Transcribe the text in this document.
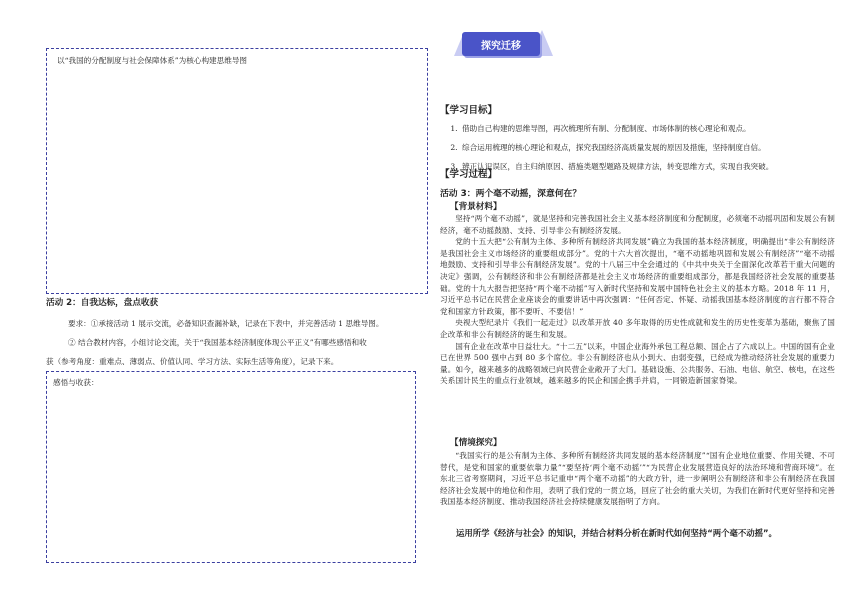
以“我国的分配制度与社会保障体系”为核心构建思维导图
活动 2：自我达标，盘点收获
要求：①承接活动 1 展示交流，必备知识查漏补缺，记录在下表中，并完善活动 1 思维导图。
② 结合教材内容，小组讨论交流，关于“我国基本经济制度体现公平正义”有哪些感悟和收
获（参考角度：重难点、薄弱点、价值认同、学习方法、实际生活等角度），记录下来。
感悟与收获：
探究迁移
【学习目标】
1. 借助自己构建的思维导图，再次梳理所有制、分配制度、市场体制的核心理论和观点。
2. 综合运用梳理的核心理论和观点，探究我国经济高质量发展的原因及措施，坚持制度自信。
3. 辨正认识误区，自主归纳原因、措施类题型题路及规律方法，转变思维方式，实现自我突破。
【学习过程】
活动 3：两个毫不动摇，深意何在？
【背景材料】

坚持“两个毫不动摇”，就是坚持和完善我国社会主义基本经济制度和分配制度，必须毫不动摇巩固和发展公有制经济，毫不动摇鼓励、支持、引导非公有制经济发展。

党的十五大把“公有制为主体、多种所有制经济共同发展”确立为我国的基本经济制度，明确提出“非公有制经济是我国社会主义市场经济的重要组成部分”。党的十六大首次提出，“毫不动摇地巩固和发展公有制经济”“毫不动摇地鼓励、支持和引导非公有制经济发展”。党的十八届三中全会通过的《中共中央关于全面深化改革若干重大问题的决定》强调，公有制经济和非公有制经济都是社会主义市场经济的重要组成部分，都是我国经济社会发展的重要基础。党的十九大报告把坚持“两个毫不动摇”写入新时代坚持和发展中国特色社会主义的基本方略。2018 年 11 月，习近平总书记在民营企业座谈会的重要讲话中再次强调：“任何否定、怀疑、动摇我国基本经济制度的言行都不符合党和国家方针政策，都不要听、不要信！”

央视大型纪录片《我们一起走过》以改革开放 40 多年取得的历史性成就和发生的历史性变革为基础，聚焦了国企改革和非公有制经济的诞生和发展。

国有企业在改革中日益壮大。“十二五”以来，中国企业海外承包工程总额、国企占了六成以上。中国的国有企业已在世界 500 强中占到 80 多个席位。非公有制经济也从小到大、由弱变强，已经成为推动经济社会发展的重要力量。如今，越来越多的战略领域已向民营企业敞开了大门。基础设施、公共服务、石油、电信、航空、核电，在这些关系国计民生的重点行业领域，越来越多的民企和国企携手并肩，一同锻造新国家脊梁。

【情境探究】

“我国实行的是公有制为主体、多种所有制经济共同发展的基本经济制度”“国有企业地位重要、作用关键、不可替代，是党和国家的重要依靠力量”“要坚持‘两个毫不动摇’”“为民营企业发展营造良好的法治环境和营商环境”。在东北三省考察期间，习近平总书记重申“两个毫不动摇”的大政方针，进一步阐明公有制经济和非公有制经济在我国经济社会发展中的地位和作用，表明了我们党的一贯立场，回应了社会的重大关切，为我们在新时代更好坚持和完善我国基本经济制度、推动我国经济社会持续健康发展指明了方向。

运用所学《经济与社会》的知识，并结合材料分析在新时代如何坚持“两个毫不动摇”。
